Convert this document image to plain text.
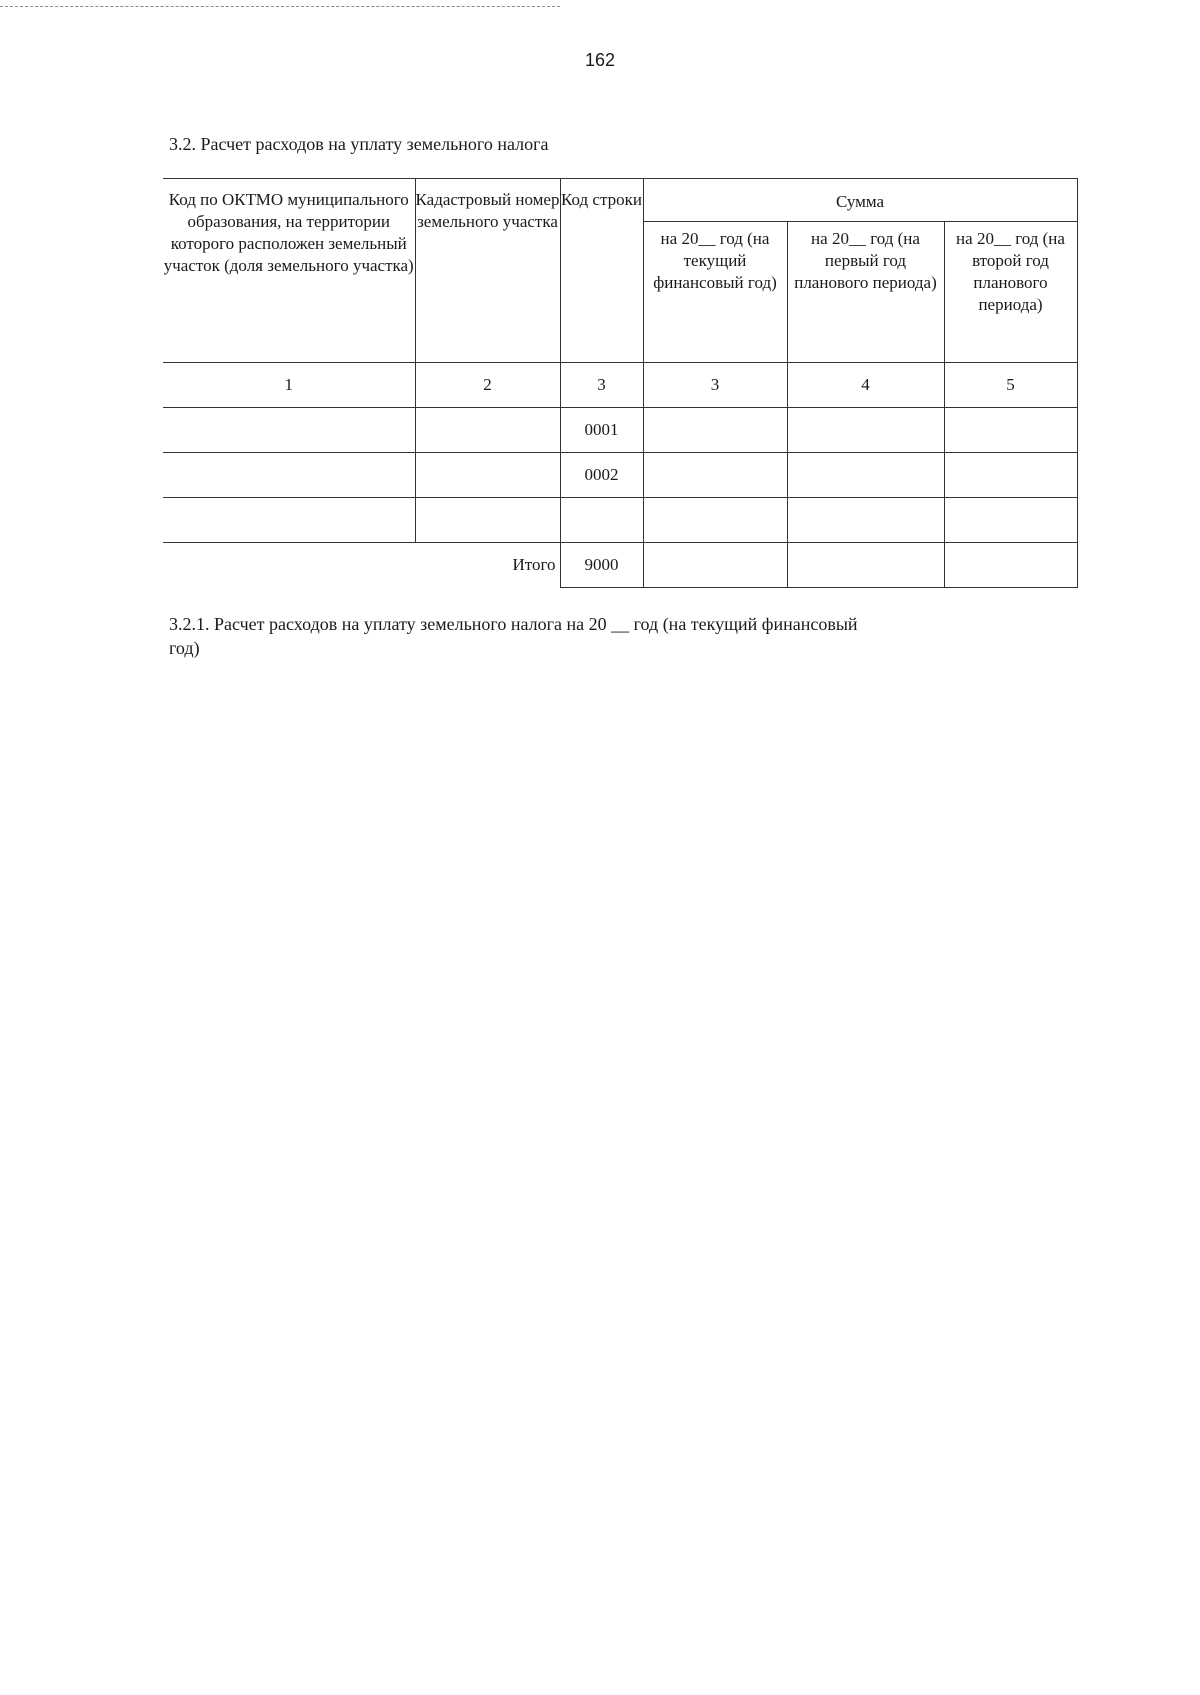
162
3.2. Расчет расходов на уплату земельного налога
Код по ОКТМО муниципального образования, на территории которого расположен земельный участок (доля земельного участка)	Кадастровый номер земельного участка	Код строки	Сумма		
			на 20__ год (на текущий финансовый год)	на 20__ год (на первый год планового периода)	на 20__ год (на второй год планового периода)
1	2	3	3	4	5
		0001			
		0002			

Итого		9000			
3.2.1. Расчет расходов на уплату земельного налога на 20 __ год (на текущий финансовый год)
